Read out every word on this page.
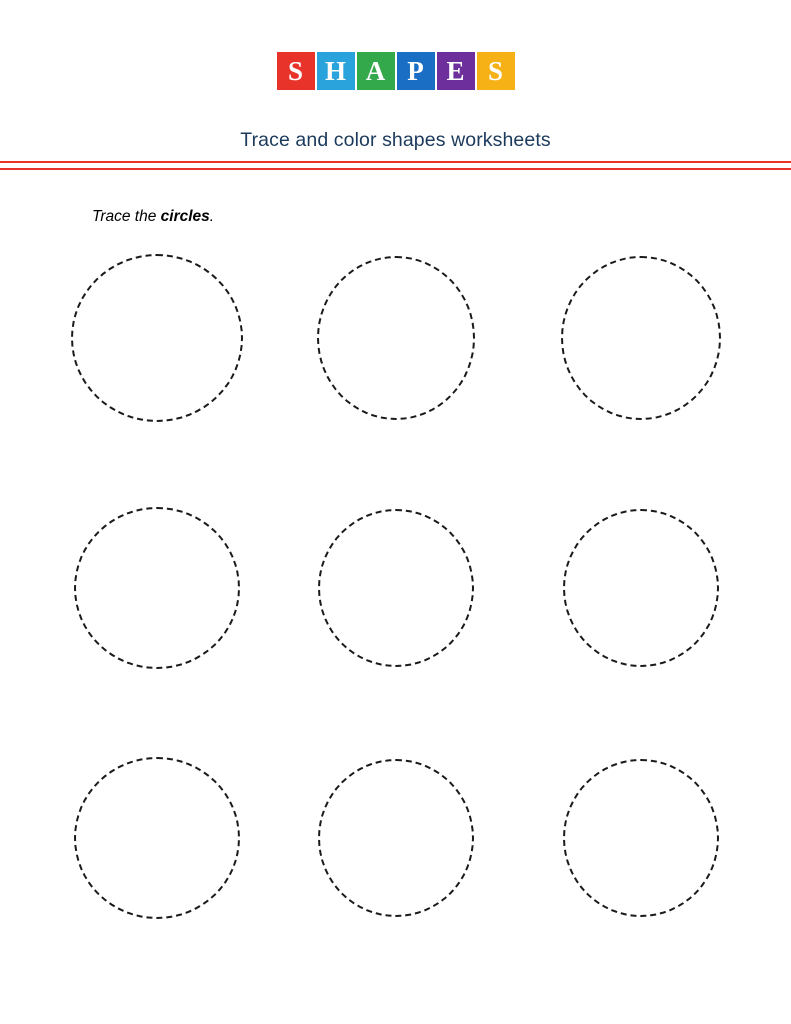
S H A P E S
Trace and color shapes worksheets
Trace the circles.
